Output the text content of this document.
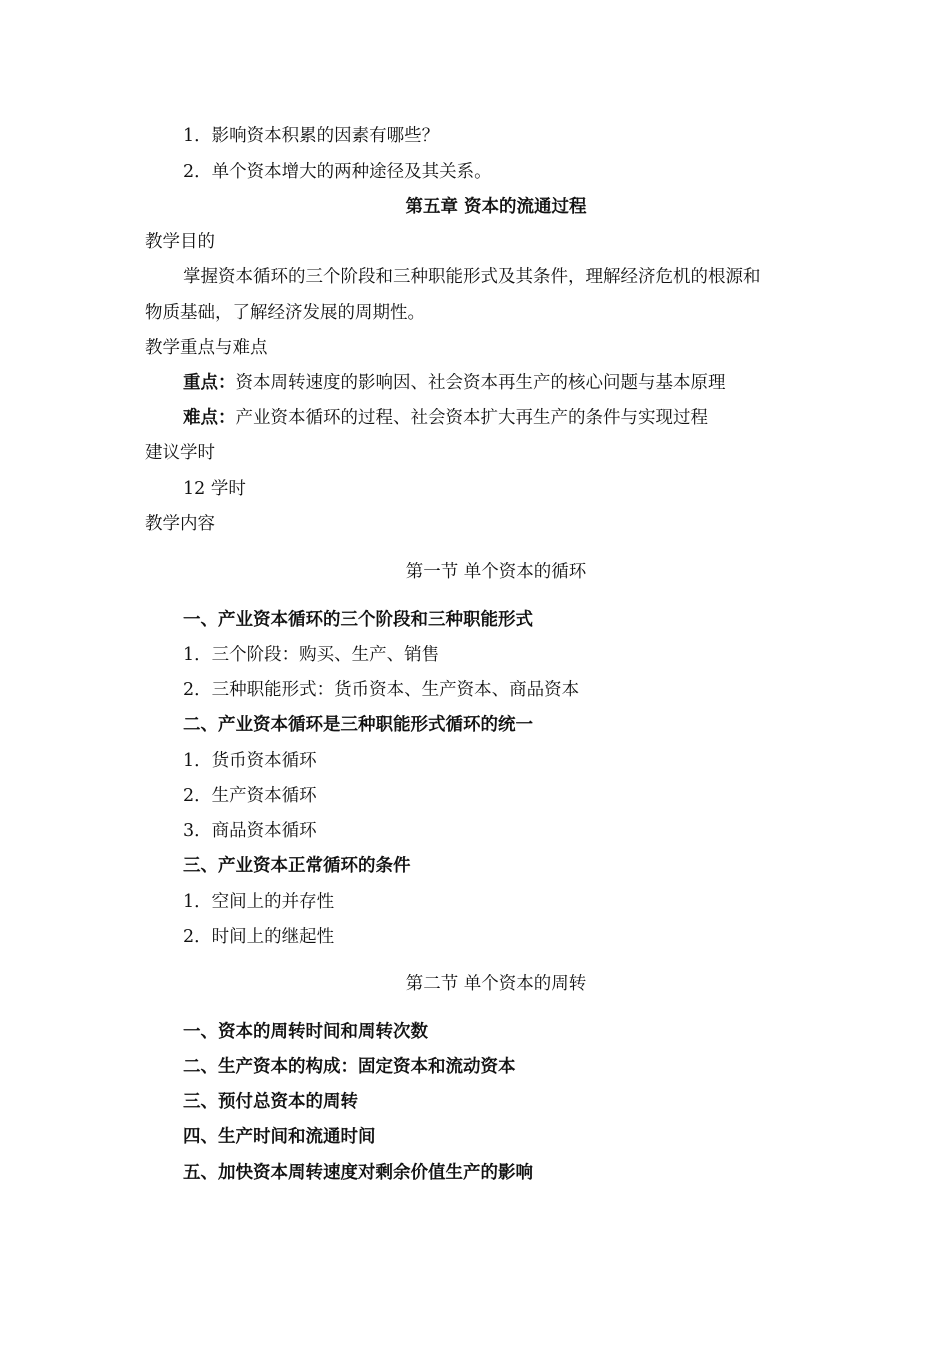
1．影响资本积累的因素有哪些？
2．单个资本增大的两种途径及其关系。
第五章 资本的流通过程
教学目的
掌握资本循环的三个阶段和三种职能形式及其条件，理解经济危机的根源和
物质基础，了解经济发展的周期性。
教学重点与难点
重点：资本周转速度的影响因、社会资本再生产的核心问题与基本原理
难点：产业资本循环的过程、社会资本扩大再生产的条件与实现过程
建议学时
12 学时
教学内容
第一节 单个资本的循环
一、产业资本循环的三个阶段和三种职能形式
1．三个阶段：购买、生产、销售
2．三种职能形式：货币资本、生产资本、商品资本
二、产业资本循环是三种职能形式循环的统一
1．货币资本循环
2．生产资本循环
3．商品资本循环
三、产业资本正常循环的条件
1．空间上的并存性
2．时间上的继起性
第二节 单个资本的周转
一、资本的周转时间和周转次数
二、生产资本的构成：固定资本和流动资本
三、预付总资本的周转
四、生产时间和流通时间
五、加快资本周转速度对剩余价值生产的影响
